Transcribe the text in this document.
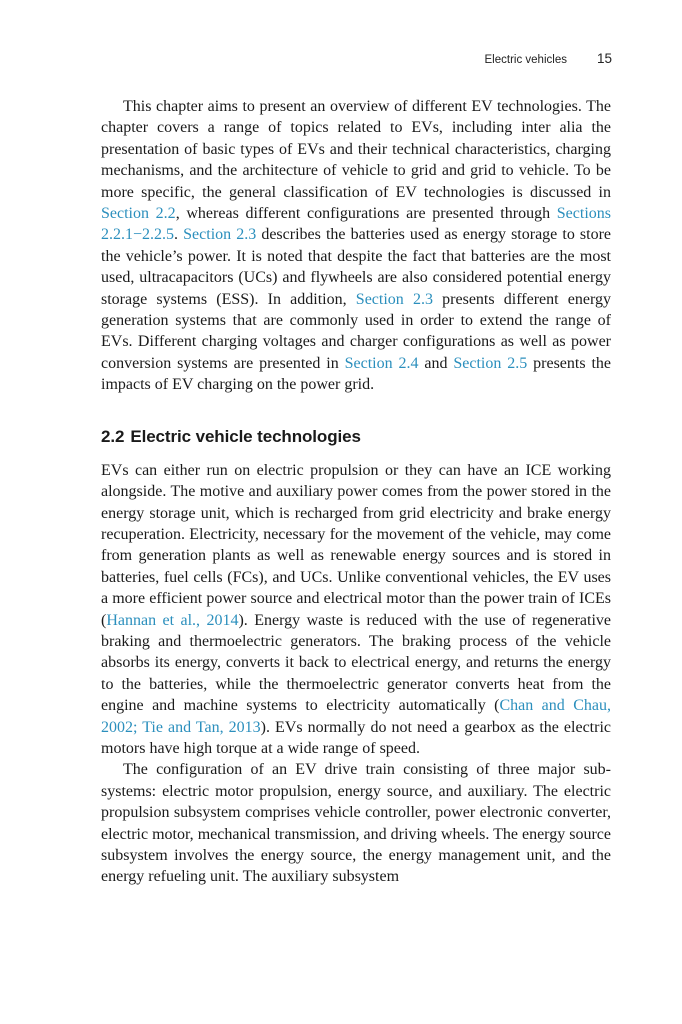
Electric vehicles 15

This chapter aims to present an overview of different EV technologies. The chapter covers a range of topics related to EVs, including inter alia the presentation of basic types of EVs and their technical characteristics, charging mechanisms, and the architecture of vehicle to grid and grid to vehicle. To be more specific, the general classification of EV technologies is discussed in Section 2.2, whereas different configurations are presented through Sections 2.2.1−2.2.5. Section 2.3 describes the batteries used as energy storage to store the vehicle’s power. It is noted that despite the fact that batteries are the most used, ultracapacitors (UCs) and flywheels are also considered potential energy storage systems (ESS). In addition, Section 2.3 presents different energy generation systems that are commonly used in order to extend the range of EVs. Different charging voltages and charger configurations as well as power conversion systems are presented in Section 2.4 and Section 2.5 presents the impacts of EV charging on the power grid.

2.2 Electric vehicle technologies

EVs can either run on electric propulsion or they can have an ICE working alongside. The motive and auxiliary power comes from the power stored in the energy storage unit, which is recharged from grid electricity and brake energy recuperation. Electricity, necessary for the movement of the vehicle, may come from generation plants as well as renewable energy sources and is stored in batteries, fuel cells (FCs), and UCs. Unlike conventional vehicles, the EV uses a more efficient power source and electrical motor than the power train of ICEs (Hannan et al., 2014). Energy waste is reduced with the use of regenerative braking and thermoelectric generators. The braking process of the vehicle absorbs its energy, converts it back to electrical energy, and returns the energy to the batteries, while the thermoelectric generator converts heat from the engine and machine systems to electricity automatically (Chan and Chau, 2002; Tie and Tan, 2013). EVs normally do not need a gearbox as the electric motors have high torque at a wide range of speed.

The configuration of an EV drive train consisting of three major subsystems: electric motor propulsion, energy source, and auxiliary. The electric propulsion subsystem comprises vehicle controller, power electronic converter, electric motor, mechanical transmission, and driving wheels. The energy source subsystem involves the energy source, the energy management unit, and the energy refueling unit. The auxiliary subsystem
